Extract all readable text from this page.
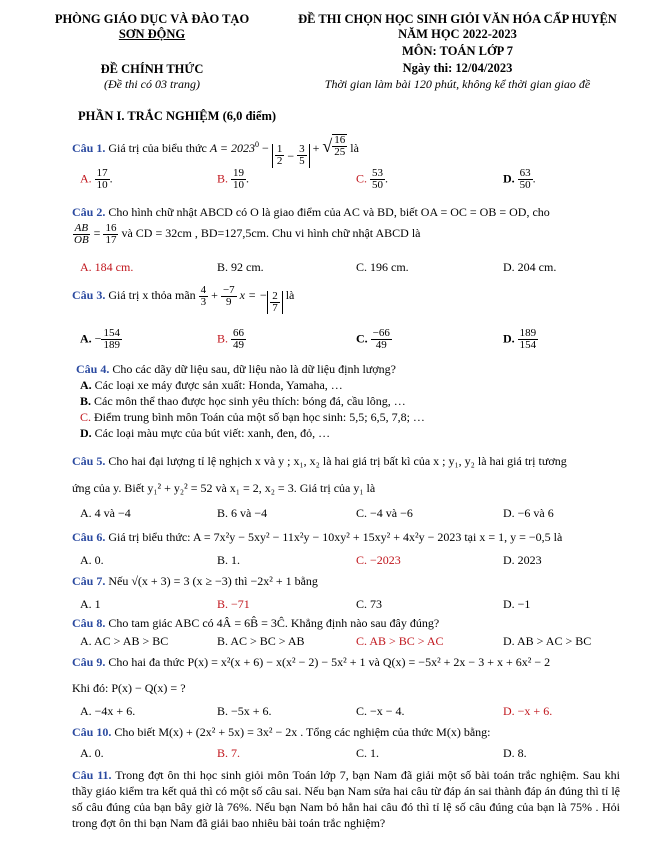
PHÒNG GIÁO DỤC VÀ ĐÀO TẠO
SƠN ĐỘNG
ĐỀ CHÍNH THỨC
(Đề thi có 03 trang)
ĐỀ THI CHỌN HỌC SINH GIỎI VĂN HÓA CẤP HUYỆN
NĂM HỌC 2022-2023
MÔN: TOÁN LỚP 7
Ngày thi: 12/04/2023
Thời gian làm bài 120 phút, không kể thời gian giao đề
PHẦN I. TRẮC NGHIỆM (6,0 điểm)
Câu 1. Giá trị của biểu thức $A = 2023^0 - \frac{1}{2} - \frac{3}{5}$ + √ $\frac{16}{25}$ là
A. $\frac{17}{10}$ .	B. $\frac{19}{10}$ .	C. $\frac{53}{50}$ .	D. $\frac{63}{50}$ .
Câu 2. Cho hình chữ nhật ABCD có O là giao điểm của AC và BD, biết OA = OC = OB = OD, cho
$\frac{AB}{OB} = \frac{16}{17}$ và CD = 32cm , BD=127,5cm. Chu vi hình chữ nhật ABCD là
A. 184 cm.	B. 92 cm.	C. 196 cm.	D. 204 cm.
Câu 3. Giá trị x thỏa mãn $\frac{4}{3} + \frac{-7}{9}$ x = − $\frac{2}{7}$ là
A. − $\frac{154}{189}$	B. $\frac{66}{49}$	C. $\frac{-66}{49}$	D. $\frac{189}{154}$
Câu 4. Cho các dãy dữ liệu sau, dữ liệu nào là dữ liệu định lượng?
A. Các loại xe máy được sản xuất: Honda, Yamaha, …
B. Các môn thể thao được học sinh yêu thích: bóng đá, cầu lông, …
C. Điểm trung bình môn Toán của một số bạn học sinh: 5,5; 6,5, 7,8; …
D. Các loại màu mực của bút viết: xanh, đen, đỏ, …
Câu 5. Cho hai đại lượng tỉ lệ nghịch x và y ; x₁, x₂ là hai giá trị bất kì của x ; y₁, y₂ là hai giá trị tương
ứng của y. Biết y₁² + y₂² = 52 và x₁ = 2, x₂ = 3. Giá trị của y₁ là
A. 4 và −4	B. 6 và −4	C. −4 và −6	D. −6 và 6
Câu 6. Giá trị biểu thức: A = 7x²y − 5xy² − 11x²y − 10xy² + 15xy² + 4x²y − 2023 tại x = 1, y = −0,5 là
A. 0.	B. 1.	C. −2023	D. 2023
Câu 7. Nếu √(x + 3) = 3 (x ≥ −3) thì −2x² + 1 bằng
A. 1	B. −71	C. 73	D. −1
Câu 8. Cho tam giác ABC có 4Â = 6B̂ = 3Ĉ. Khẳng định nào sau đây đúng?
A. AC > AB > BC	B. AC > BC > AB	C. AB > BC > AC	D. AB > AC > BC
Câu 9. Cho hai đa thức P(x) = x²(x + 6) − x(x² − 2) − 5x² + 1 và Q(x) = −5x² + 2x − 3 + x + 6x² − 2
Khi đó: P(x) − Q(x) = ?
A. −4x + 6.	B. −5x + 6.	C. −x − 4.	D. −x + 6.
Câu 10. Cho biết M(x) + (2x² + 5x) = 3x² − 2x . Tổng các nghiệm của thức M(x) bằng:
A. 0.	B. 7.	C. 1.	D. 8.
Câu 11. Trong đợt ôn thi học sinh giỏi môn Toán lớp 7, bạn Nam đã giải một số bài toán trắc nghiệm. Sau khi thầy giáo kiểm tra kết quả thì có một số câu sai. Nếu bạn Nam sửa hai câu từ đáp án sai thành đáp án đúng thì tỉ lệ số câu đúng của bạn bây giờ là 76%. Nếu bạn Nam bỏ hẳn hai câu đó thì tỉ lệ số câu đúng của bạn là 75% . Hỏi trong đợt ôn thi bạn Nam đã giải bao nhiêu bài toán trắc nghiệm?
